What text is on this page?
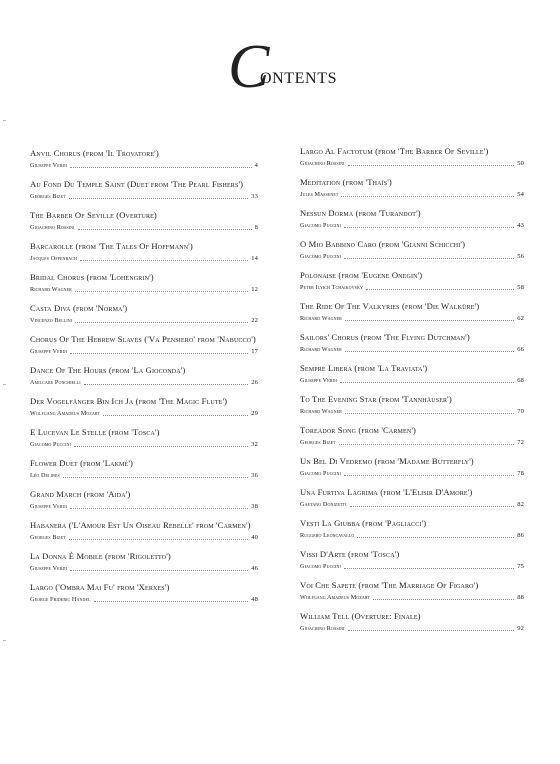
C
ONTENTS
Anvil Chorus (from 'Il Trovatore')
Giuseppe Verdi	4
Au Fond Du Temple Saint (Duet from 'The Pearl Fishers')
Georges Bizet	33
The Barber Of Seville (Overture)
Gioachino Rossini	8
Barcarolle (from 'The Tales Of Hoffmann')
Jacques Offenbach	14
Bridal Chorus (from 'Lohengrin')
Richard Wagner	12
Casta Diva (from 'Norma')
Vincenzo Bellini	22
Chorus Of The Hebrew Slaves ('Va Pensiero' from 'Nabucco')
Giuseppe Verdi	17
Dance Of The Hours (from 'La Gioconda')
Amilcare Ponchielli	26
Der Vogelfänger Bin Ich Ja (from 'The Magic Flute')
Wolfgang Amadeus Mozart	29
E Lucevan Le Stelle (from 'Tosca')
Giacomo Puccini	32
Flower Duet (from 'Lakmé')
Léo Delibes	36
Grand March (from 'Aida')
Giuseppe Verdi	38
Habanera ('L'Amour Est Un Oiseau Rebelle' from 'Carmen')
Georges Bizet	40
La Donna È Mobile (from 'Rigoletto')
Giuseppe Verdi	46
Largo ('Ombra Mai Fu' from 'Xerxes')
George Frideric Handel	48
Largo Al Factotum (from 'The Barber Of Seville')
Gioachino Rossini	50
Meditation (from 'Thaïs')
Jules Massenet	54
Nessun Dorma (from 'Turandot')
Giacomo Puccini	43
O Mio Babbino Caro (from 'Gianni Schicchi')
Giacomo Puccini	56
Polonaise (from 'Eugene Onegin')
Peter Ilyich Tchaikovsky	58
The Ride Of The Valkyries (from 'Die Walküre')
Richard Wagner	62
Sailors' Chorus (from 'The Flying Dutchman')
Richard Wagner	66
Sempre Libera (from 'La Traviata')
Giuseppe Verdi	68
To The Evening Star (from 'Tannhäuser')
Richard Wagner	70
Toreador Song (from 'Carmen')
Georges Bizet	72
Un Bel Di Vedremo (from 'Madame Butterfly')
Giacomo Puccini	78
Una Furtiva Lagrima (from 'L'Elisir D'Amore')
Gaetano Donizetti	82
Vesti La Giubba (from 'Pagliacci')
Ruggero Leoncavallo	86
Vissi D'Arte (from 'Tosca')
Giacomo Puccini	75
Voi Che Sapete (from 'The Marriage Of Figaro')
Wolfgang Amadeus Mozart	88
William Tell (Overture: Finale)
Gioachino Rossini	92
